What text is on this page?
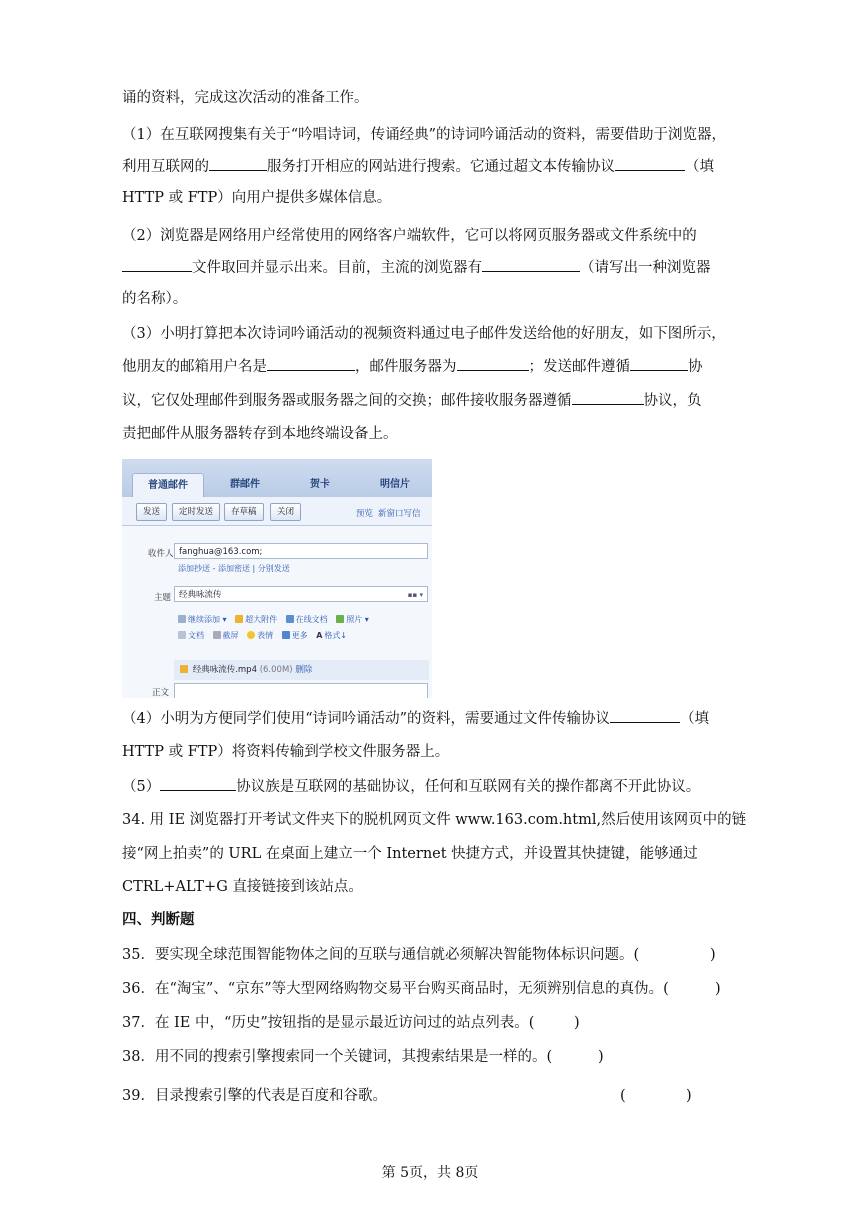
诵的资料，完成这次活动的准备工作。
（1）在互联网搜集有关于“吟唱诗词，传诵经典”的诗词吟诵活动的资料，需要借助于浏览器，
利用互联网的	服务打开相应的网站进行搜索。它通过超文本传输协议	（填
HTTP 或 FTP）向用户提供多媒体信息。
（2）浏览器是网络用户经常使用的网络客户端软件，它可以将网页服务器或文件系统中的
文件取回并显示出来。目前，主流的浏览器有	（请写出一种浏览器
的名称）。
（3）小明打算把本次诗词吟诵活动的视频资料通过电子邮件发送给他的好朋友，如下图所示，
他朋友的邮箱用户名是	，邮件服务器为	；发送邮件遵循	协
议，它仅处理邮件到服务器或服务器之间的交换；邮件接收服务器遵循	协议，负
责把邮件从服务器转存到本地终端设备上。
普通邮件	群邮件	贺卡	明信片
发送	定时发送	存草稿	关闭	预览 新窗口写信
收件人 fanghua@163.com;
添加抄送 - 添加密送 | 分别发送
主题 经典咏流传	▪▪ ▾
继续添加 ▾ 超大附件 在线文档 照片 ▾
文档 截屏 表情 更多 A 格式↓
经典咏流传.mp4 (6.00M) 删除
正文
（4）小明为方便同学们使用“诗词吟诵活动”的资料，需要通过文件传输协议	（填
HTTP 或 FTP）将资料传输到学校文件服务器上。
（5）	协议族是互联网的基础协议，任何和互联网有关的操作都离不开此协议。
34. 用 IE 浏览器打开考试文件夹下的脱机网页文件 www.163.com.html,然后使用该网页中的链
接“网上拍卖”的 URL 在桌面上建立一个 Internet 快捷方式，并设置其快捷键，能够通过
CTRL+ALT+G 直接链接到该站点。
四、判断题
35．要实现全球范围智能物体之间的互联与通信就必须解决智能物体标识问题。(	)
36．在“淘宝”、“京东”等大型网络购物交易平台购买商品时，无须辨别信息的真伪。(	)
37．在 IE 中，“历史”按钮指的是显示最近访问过的站点列表。(	)
38．用不同的搜索引擎搜索同一个关键词，其搜索结果是一样的。(	)
39．目录搜索引擎的代表是百度和谷歌。	(	)
第 5页，共 8页
